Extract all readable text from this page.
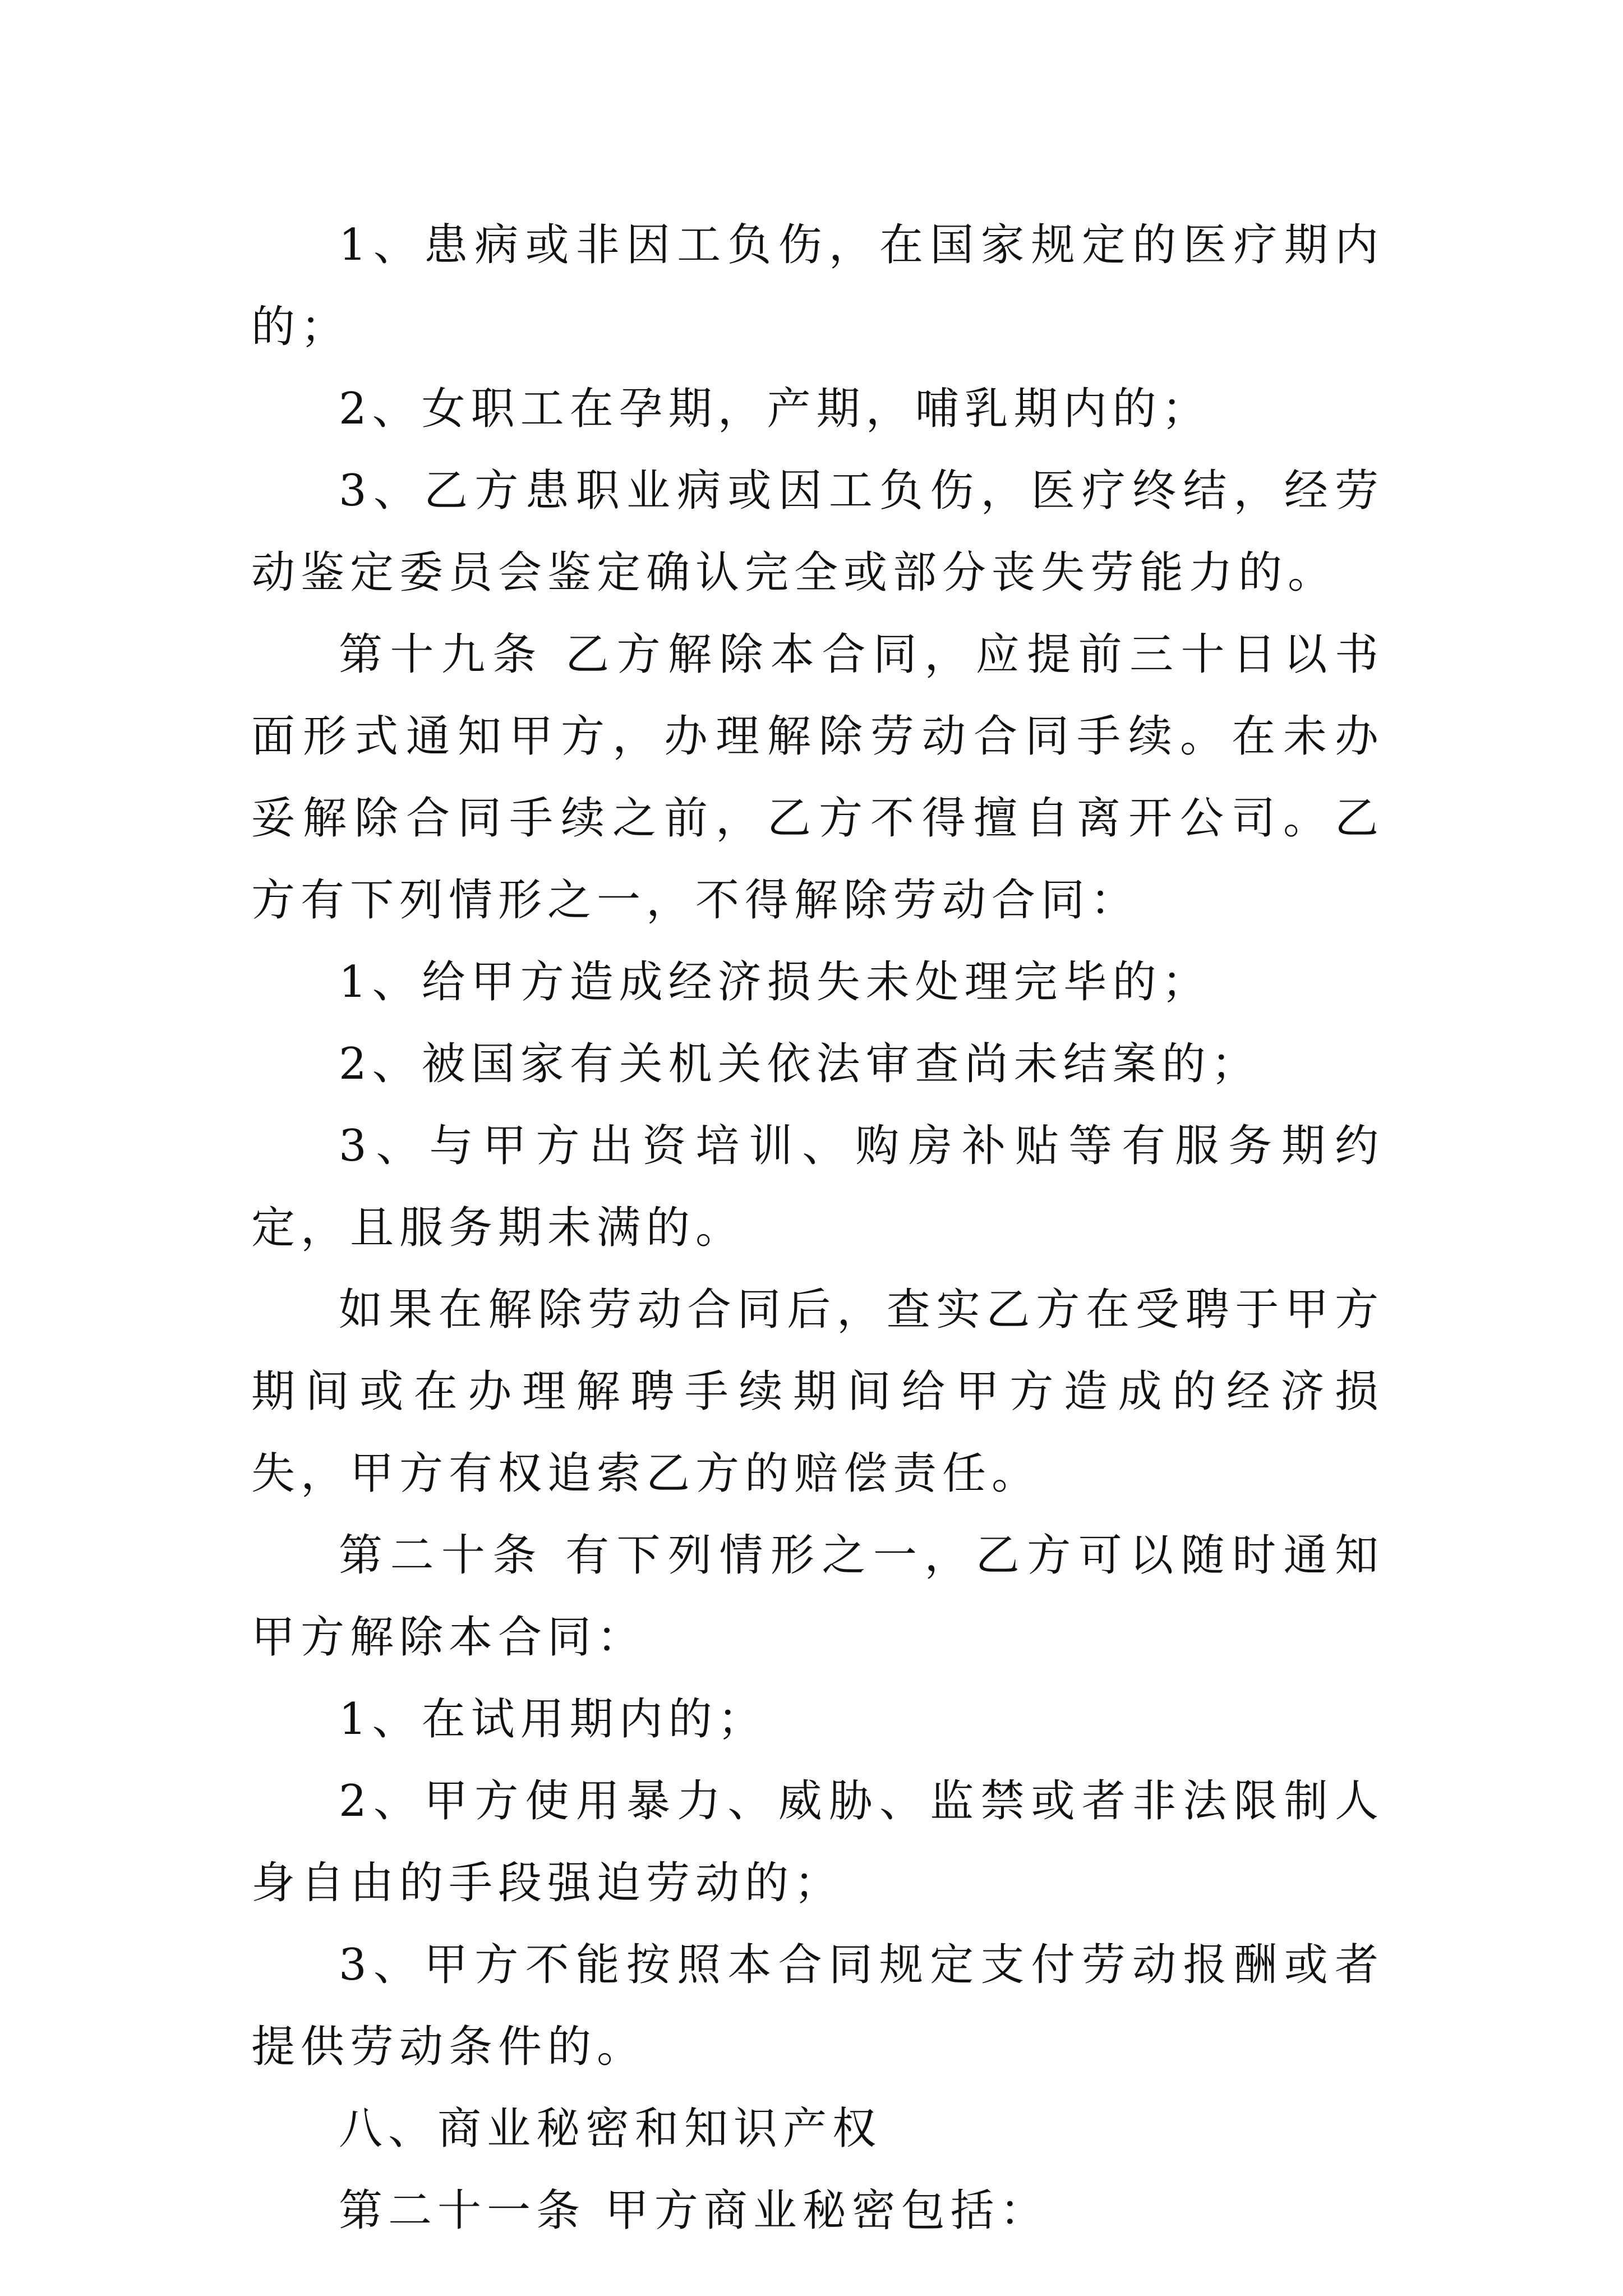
1、患病或非因工负伤，在国家规定的医疗期内的；

2、女职工在孕期，产期，哺乳期内的；

3、乙方患职业病或因工负伤，医疗终结，经劳动鉴定委员会鉴定确认完全或部分丧失劳能力的。

第十九条 乙方解除本合同，应提前三十日以书面形式通知甲方，办理解除劳动合同手续。在未办妥解除合同手续之前，乙方不得擅自离开公司。乙方有下列情形之一，不得解除劳动合同：

1、给甲方造成经济损失未处理完毕的；

2、被国家有关机关依法审查尚未结案的；

3、与甲方出资培训、购房补贴等有服务期约定，且服务期未满的。

如果在解除劳动合同后，查实乙方在受聘于甲方期间或在办理解聘手续期间给甲方造成的经济损失，甲方有权追索乙方的赔偿责任。

第二十条 有下列情形之一，乙方可以随时通知甲方解除本合同：

1、在试用期内的；

2、甲方使用暴力、威胁、监禁或者非法限制人身自由的手段强迫劳动的；

3、甲方不能按照本合同规定支付劳动报酬或者提供劳动条件的。

八、商业秘密和知识产权

第二十一条 甲方商业秘密包括：
